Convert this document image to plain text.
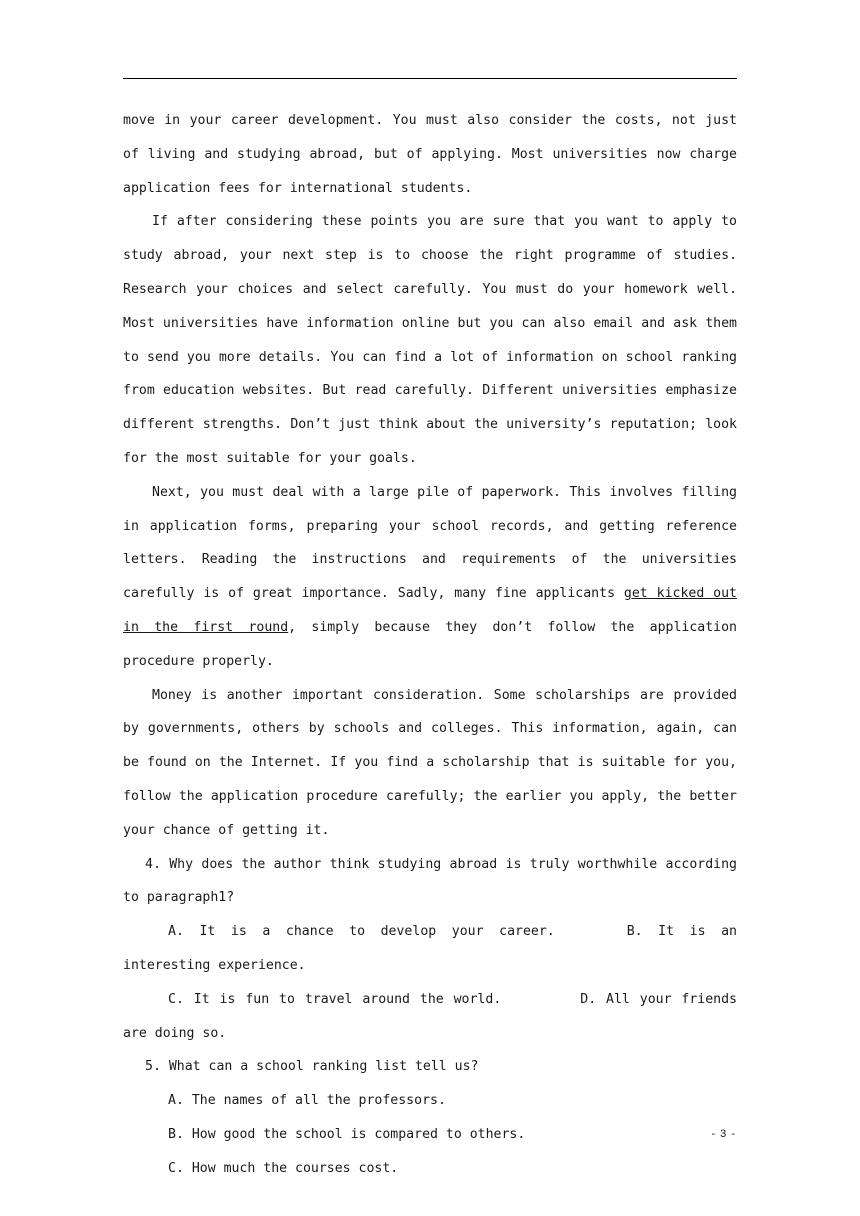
move in your career development. You must also consider the costs, not just of living and studying abroad, but of applying. Most universities now charge application fees for international students.

If after considering these points you are sure that you want to apply to study abroad, your next step is to choose the right programme of studies. Research your choices and select carefully. You must do your homework well. Most universities have information online but you can also email and ask them to send you more details. You can find a lot of information on school ranking from education websites. But read carefully. Different universities emphasize different strengths. Don’t just think about the university’s reputation; look for the most suitable for your goals.

Next, you must deal with a large pile of paperwork. This involves filling in application forms, preparing your school records, and getting reference letters. Reading the instructions and requirements of the universities carefully is of great importance. Sadly, many fine applicants get kicked out in the first round, simply because they don’t follow the application procedure properly.

Money is another important consideration. Some scholarships are provided by governments, others by schools and colleges. This information, again, can be found on the Internet. If you find a scholarship that is suitable for you, follow the application procedure carefully; the earlier you apply, the better your chance of getting it.

4. Why does the author think studying abroad is truly worthwhile according to paragraph1?

A. It is a chance to develop your career.	B. It is an interesting experience.

C. It is fun to travel around the world.	D. All your friends are doing so.

5. What can a school ranking list tell us?

A. The names of all the professors.

B. How good the school is compared to others.

C. How much the courses cost.

- 3 -
